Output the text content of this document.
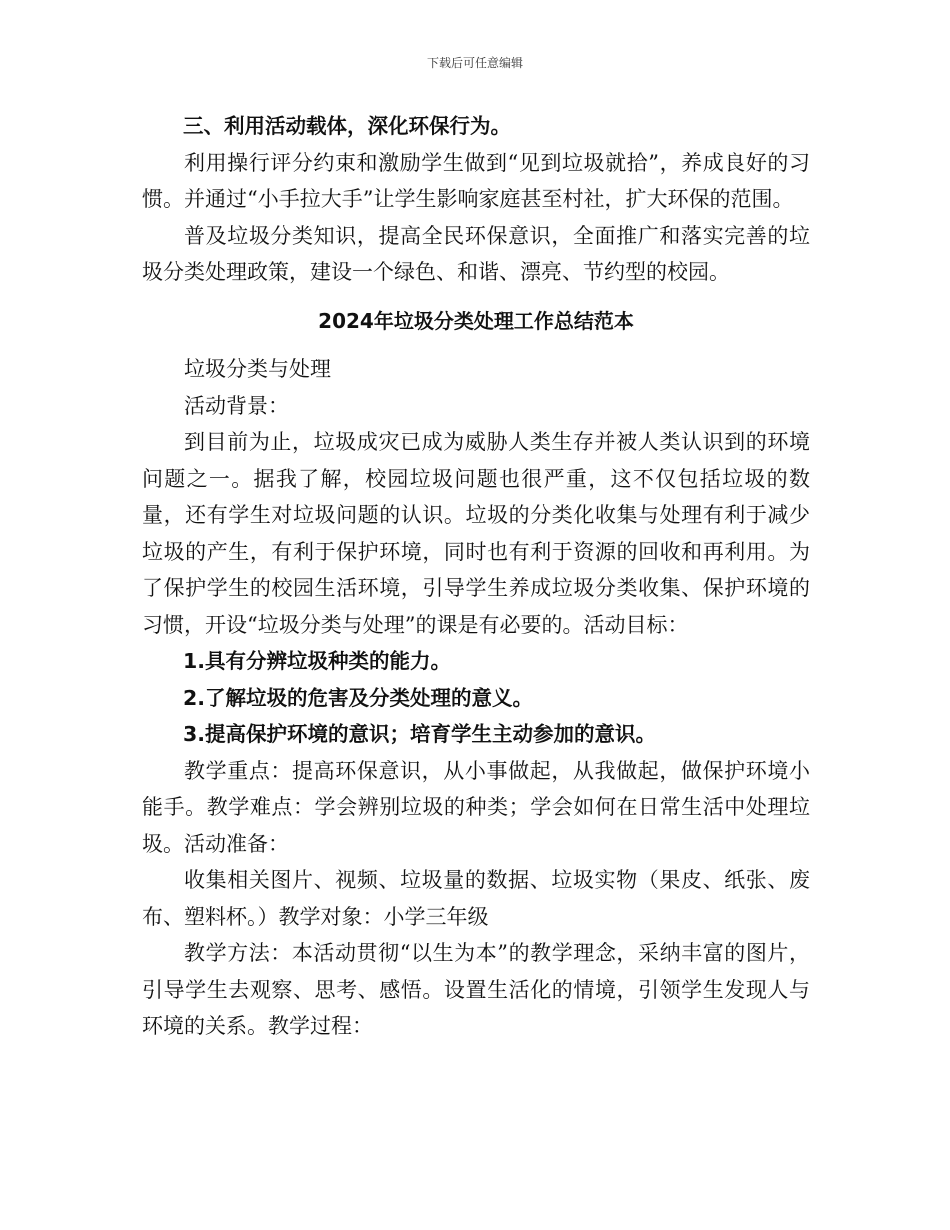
下载后可任意编辑

三、利用活动载体，深化环保行为。

利用操行评分约束和激励学生做到“见到垃圾就拾”，养成良好的习惯。并通过“小手拉大手”让学生影响家庭甚至村社，扩大环保的范围。

普及垃圾分类知识，提高全民环保意识，全面推广和落实完善的垃圾分类处理政策，建设一个绿色、和谐、漂亮、节约型的校园。

2024年垃圾分类处理工作总结范本

垃圾分类与处理

活动背景：

到目前为止，垃圾成灾已成为威胁人类生存并被人类认识到的环境问题之一。据我了解，校园垃圾问题也很严重，这不仅包括垃圾的数量，还有学生对垃圾问题的认识。垃圾的分类化收集与处理有利于减少垃圾的产生，有利于保护环境，同时也有利于资源的回收和再利用。为了保护学生的校园生活环境，引导学生养成垃圾分类收集、保护环境的习惯，开设“垃圾分类与处理”的课是有必要的。活动目标：

1.具有分辨垃圾种类的能力。

2.了解垃圾的危害及分类处理的意义。

3.提高保护环境的意识；培育学生主动参加的意识。

教学重点：提高环保意识，从小事做起，从我做起，做保护环境小能手。教学难点：学会辨别垃圾的种类；学会如何在日常生活中处理垃圾。活动准备：

收集相关图片、视频、垃圾量的数据、垃圾实物（果皮、纸张、废布、塑料杯。）教学对象：小学三年级

教学方法：本活动贯彻“以生为本”的教学理念，采纳丰富的图片，引导学生去观察、思考、感悟。设置生活化的情境，引领学生发现人与环境的关系。教学过程：
